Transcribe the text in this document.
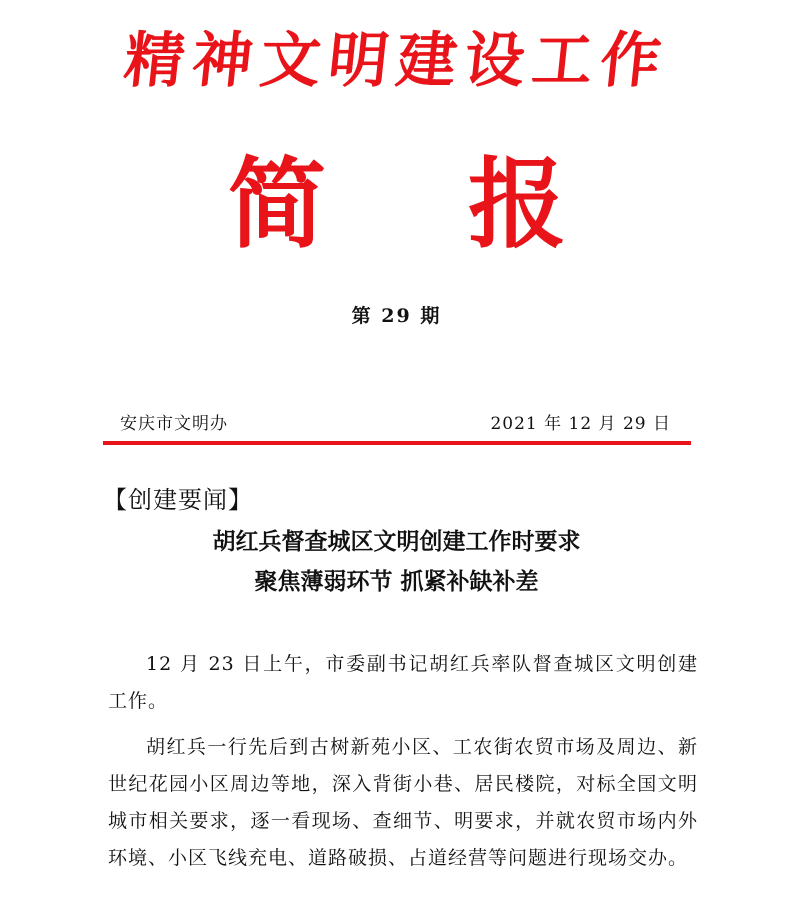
精神文明建设工作
简 报
第 29 期
安庆市文明办	2021 年 12 月 29 日
【创建要闻】
胡红兵督查城区文明创建工作时要求
聚焦薄弱环节 抓紧补缺补差

12 月 23 日上午，市委副书记胡红兵率队督查城区文明创建工作。

胡红兵一行先后到古树新苑小区、工农街农贸市场及周边、新世纪花园小区周边等地，深入背街小巷、居民楼院，对标全国文明城市相关要求，逐一看现场、查细节、明要求，并就农贸市场内外环境、小区飞线充电、道路破损、占道经营等问题进行现场交办。
